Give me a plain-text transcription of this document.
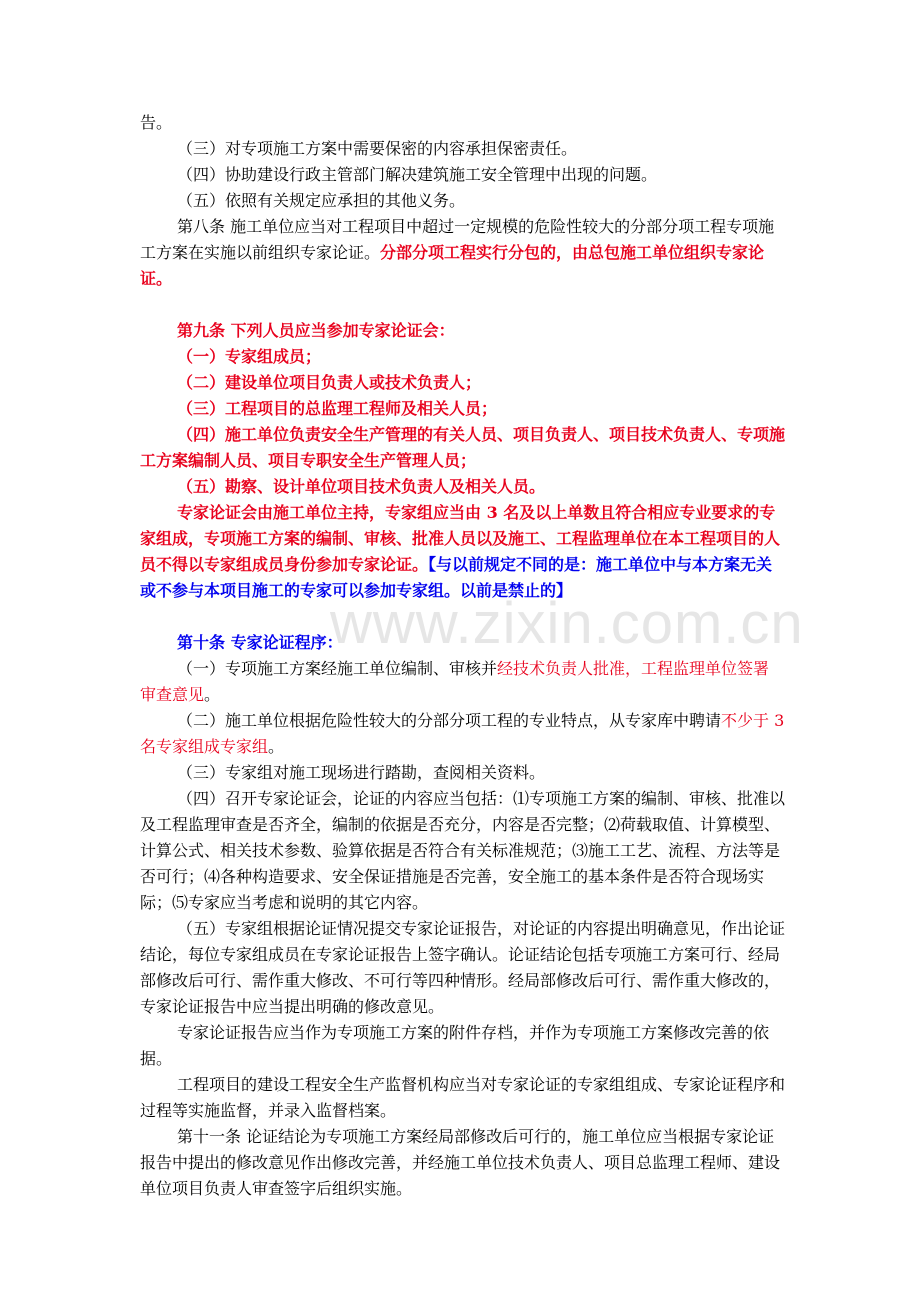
www.zixin.com.cn

告。

（三）对专项施工方案中需要保密的内容承担保密责任。

（四）协助建设行政主管部门解决建筑施工安全管理中出现的问题。

（五）依照有关规定应承担的其他义务。

第八条 施工单位应当对工程项目中超过一定规模的危险性较大的分部分项工程专项施工方案在实施以前组织专家论证。分部分项工程实行分包的，由总包施工单位组织专家论证。

第九条 下列人员应当参加专家论证会：

（一）专家组成员；

（二）建设单位项目负责人或技术负责人；

（三）工程项目的总监理工程师及相关人员；

（四）施工单位负责安全生产管理的有关人员、项目负责人、项目技术负责人、专项施工方案编制人员、项目专职安全生产管理人员；

（五）勘察、设计单位项目技术负责人及相关人员。

专家论证会由施工单位主持，专家组应当由 3 名及以上单数且符合相应专业要求的专家组成，专项施工方案的编制、审核、批准人员以及施工、工程监理单位在本工程项目的人员不得以专家组成员身份参加专家论证。【与以前规定不同的是：施工单位中与本方案无关或不参与本项目施工的专家可以参加专家组。以前是禁止的】

第十条 专家论证程序：

（一）专项施工方案经施工单位编制、审核并经技术负责人批准，工程监理单位签署审查意见。

（二）施工单位根据危险性较大的分部分项工程的专业特点，从专家库中聘请不少于 3 名专家组成专家组。

（三）专家组对施工现场进行踏勘，查阅相关资料。

（四）召开专家论证会，论证的内容应当包括：⑴专项施工方案的编制、审核、批准以及工程监理审查是否齐全，编制的依据是否充分，内容是否完整；⑵荷载取值、计算模型、计算公式、相关技术参数、验算依据是否符合有关标准规范；⑶施工工艺、流程、方法等是否可行；⑷各种构造要求、安全保证措施是否完善，安全施工的基本条件是否符合现场实际；⑸专家应当考虑和说明的其它内容。

（五）专家组根据论证情况提交专家论证报告，对论证的内容提出明确意见，作出论证结论，每位专家组成员在专家论证报告上签字确认。论证结论包括专项施工方案可行、经局部修改后可行、需作重大修改、不可行等四种情形。经局部修改后可行、需作重大修改的，专家论证报告中应当提出明确的修改意见。

专家论证报告应当作为专项施工方案的附件存档，并作为专项施工方案修改完善的依据。

工程项目的建设工程安全生产监督机构应当对专家论证的专家组组成、专家论证程序和过程等实施监督，并录入监督档案。

第十一条 论证结论为专项施工方案经局部修改后可行的，施工单位应当根据专家论证报告中提出的修改意见作出修改完善，并经施工单位技术负责人、项目总监理工程师、建设单位项目负责人审查签字后组织实施。
